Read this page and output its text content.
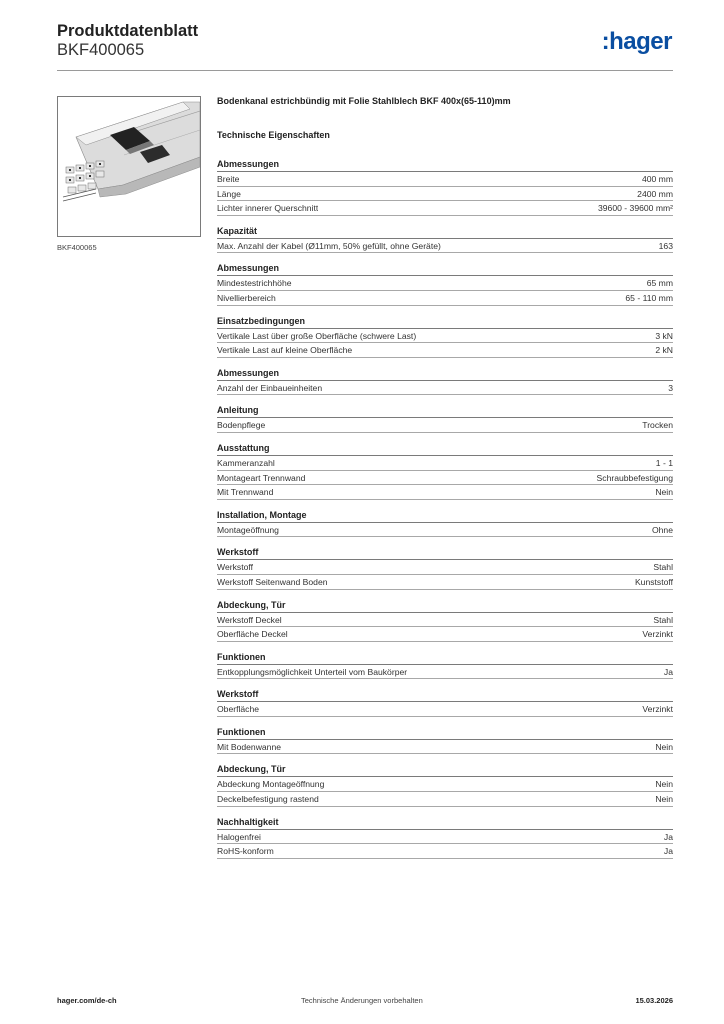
Produktdatenblatt
BKF400065	:hager
BKF400065
Bodenkanal estrichbündig mit Folie Stahlblech BKF 400x(65-110)mm
Technische Eigenschaften
Abmessungen
Breite	400 mm
Länge	2400 mm
Lichter innerer Querschnitt	39600 - 39600 mm²
Kapazität
Max. Anzahl der Kabel (Ø11mm, 50% gefüllt, ohne Geräte)	163
Abmessungen
Mindestestrichhöhe	65 mm
Nivellierbereich	65 - 110 mm
Einsatzbedingungen
Vertikale Last über große Oberfläche (schwere Last)	3 kN
Vertikale Last auf kleine Oberfläche	2 kN
Abmessungen
Anzahl der Einbaueinheiten	3
Anleitung
Bodenpflege	Trocken
Ausstattung
Kammeranzahl	1 - 1
Montageart Trennwand	Schraubbefestigung
Mit Trennwand	Nein
Installation, Montage
Montageöffnung	Ohne
Werkstoff
Werkstoff	Stahl
Werkstoff Seitenwand Boden	Kunststoff
Abdeckung, Tür
Werkstoff Deckel	Stahl
Oberfläche Deckel	Verzinkt
Funktionen
Entkopplungsmöglichkeit Unterteil vom Baukörper	Ja
Werkstoff
Oberfläche	Verzinkt
Funktionen
Mit Bodenwanne	Nein
Abdeckung, Tür
Abdeckung Montageöffnung	Nein
Deckelbefestigung rastend	Nein
Nachhaltigkeit
Halogenfrei	Ja
RoHS-konform	Ja
hager.com/de-ch	Technische Änderungen vorbehalten	15.03.2026
